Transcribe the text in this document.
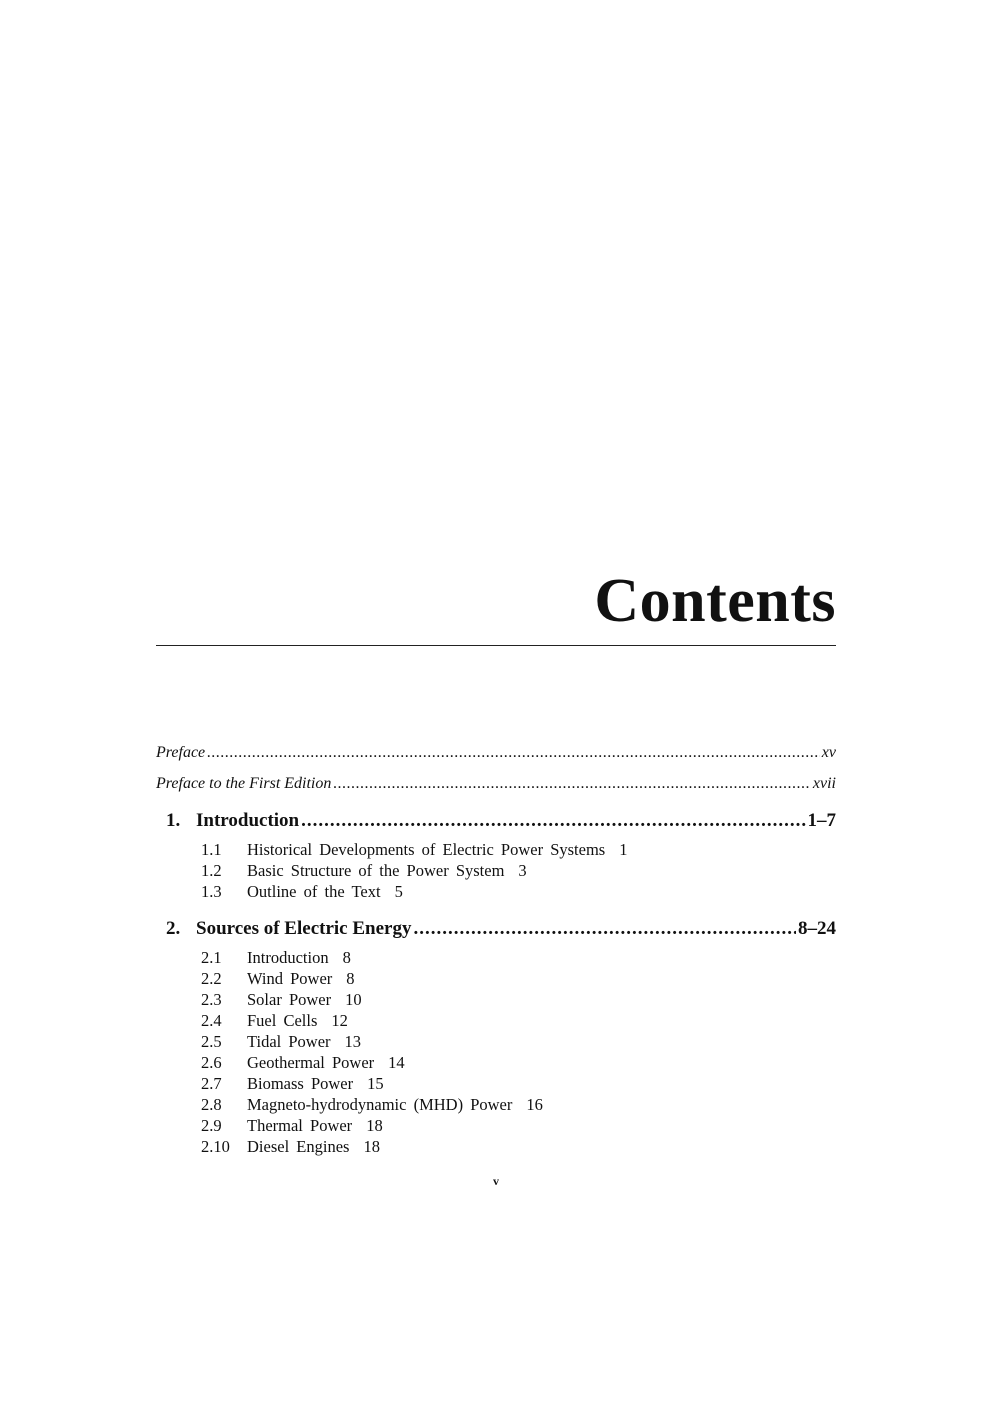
Contents
Preface .....	xv
Preface to the First Edition .....	xvii
1. Introduction .....	1–7
1.1	Historical Developments of Electric Power Systems 1
1.2	Basic Structure of the Power System 3
1.3	Outline of the Text 5
2. Sources of Electric Energy .....	8–24
2.1	Introduction 8
2.2	Wind Power 8
2.3	Solar Power 10
2.4	Fuel Cells 12
2.5	Tidal Power 13
2.6	Geothermal Power 14
2.7	Biomass Power 15
2.8	Magneto-hydrodynamic (MHD) Power 16
2.9	Thermal Power 18
2.10	Diesel Engines 18
v
